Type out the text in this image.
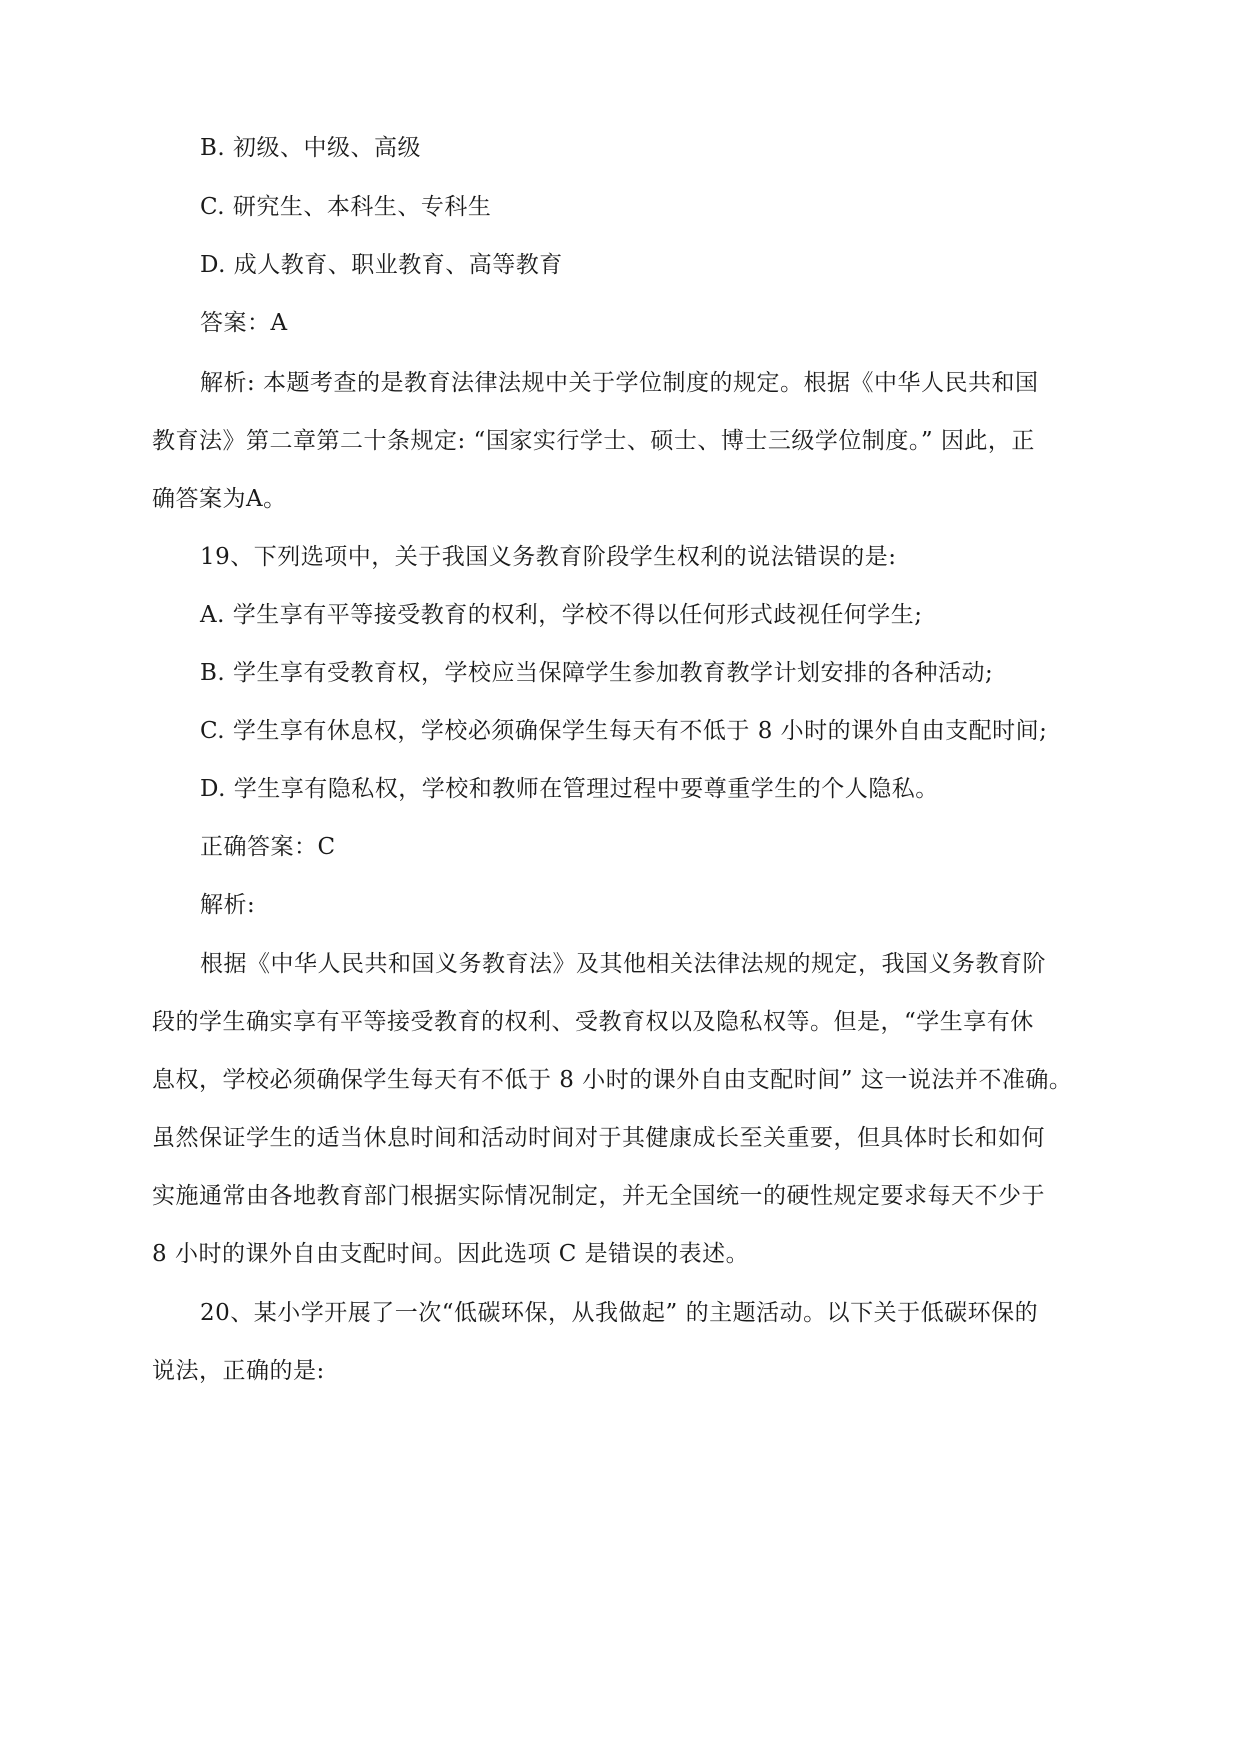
B. 初级、中级、高级
C. 研究生、本科生、专科生
D. 成人教育、职业教育、高等教育
答案：A
解析: 本题考查的是教育法律法规中关于学位制度的规定。根据《中华人民共和国
教育法》第二章第二十条规定: “国家实行学士、硕士、博士三级学位制度。” 因此，正
确答案为A。
19、下列选项中，关于我国义务教育阶段学生权利的说法错误的是:
A. 学生享有平等接受教育的权利，学校不得以任何形式歧视任何学生;
B. 学生享有受教育权，学校应当保障学生参加教育教学计划安排的各种活动;
C. 学生享有休息权，学校必须确保学生每天有不低于 8 小时的课外自由支配时间;
D. 学生享有隐私权，学校和教师在管理过程中要尊重学生的个人隐私。
正确答案：C
解析:
根据《中华人民共和国义务教育法》及其他相关法律法规的规定，我国义务教育阶
段的学生确实享有平等接受教育的权利、受教育权以及隐私权等。但是，“学生享有休
息权，学校必须确保学生每天有不低于 8 小时的课外自由支配时间” 这一说法并不准确。
虽然保证学生的适当休息时间和活动时间对于其健康成长至关重要，但具体时长和如何
实施通常由各地教育部门根据实际情况制定，并无全国统一的硬性规定要求每天不少于
8 小时的课外自由支配时间。因此选项 C 是错误的表述。
20、某小学开展了一次“低碳环保，从我做起” 的主题活动。以下关于低碳环保的
说法，正确的是:
